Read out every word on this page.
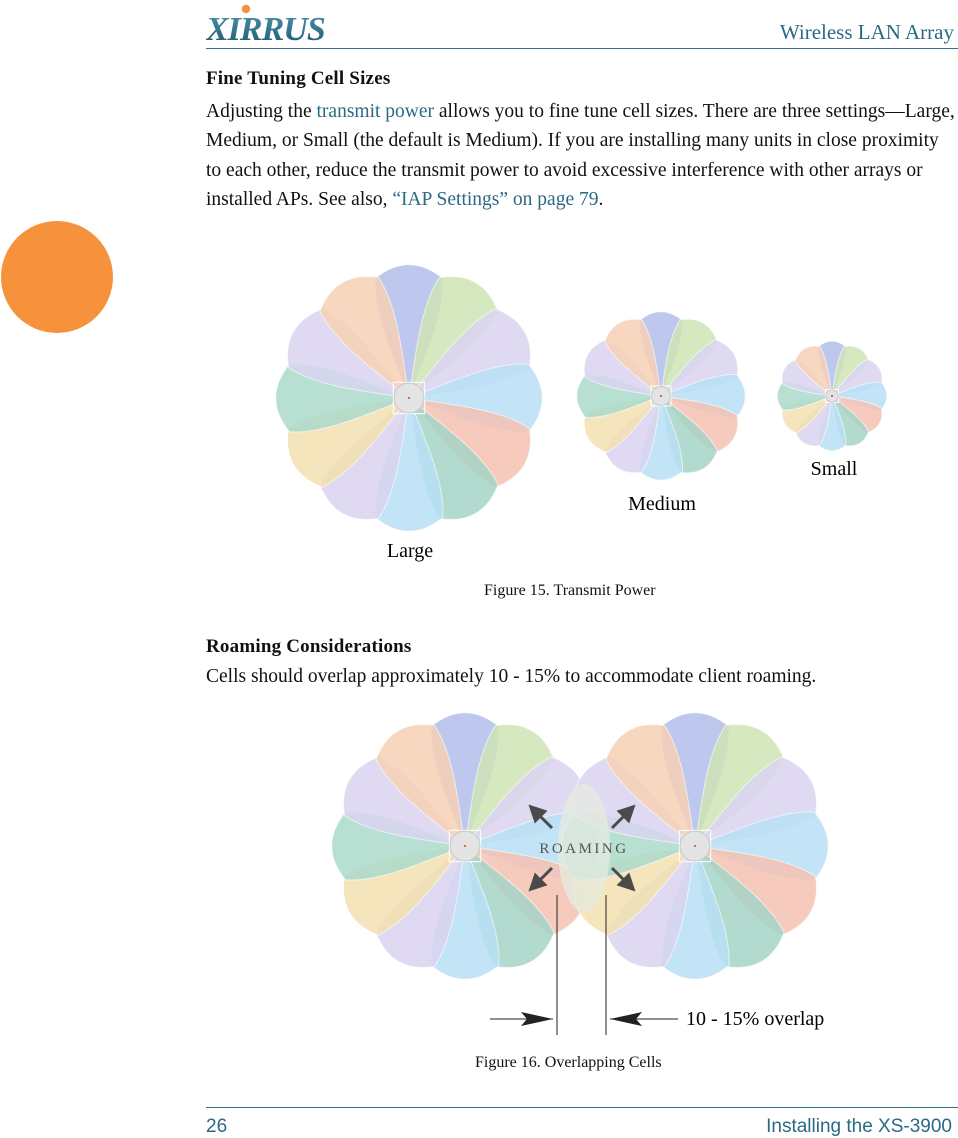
XIRRUS	Wireless LAN Array
Fine Tuning Cell Sizes
Adjusting the transmit power allows you to fine tune cell sizes. There are three settings—Large, Medium, or Small (the default is Medium). If you are installing many units in close proximity to each other, reduce the transmit power to avoid excessive interference with other arrays or installed APs. See also, “IAP Settings” on page 79.
Large
Medium
Small
Figure 15. Transmit Power
Roaming Considerations
Cells should overlap approximately 10 - 15% to accommodate client roaming.
ROAMING
10 - 15% overlap
Figure 16. Overlapping Cells
26	Installing the XS-3900
